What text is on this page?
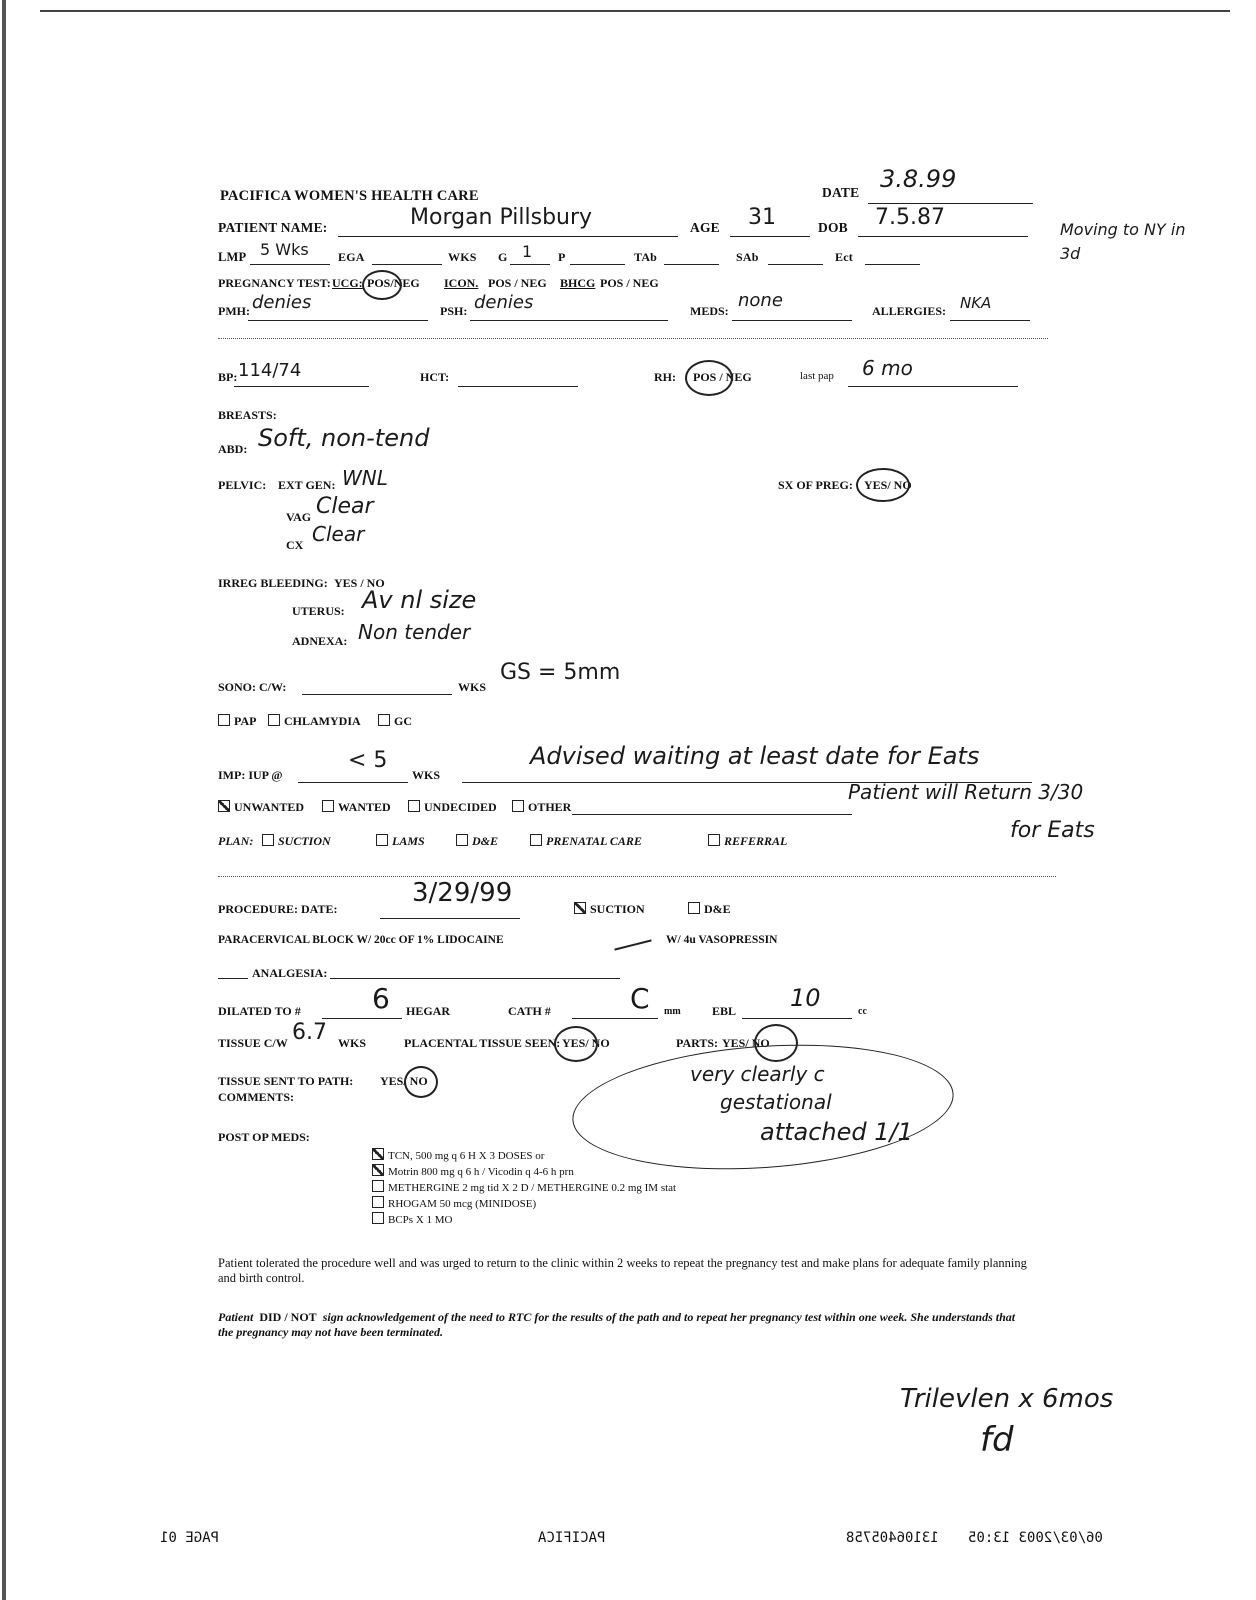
PACIFICA WOMEN'S HEALTH CARE	DATE 3.8.99
PATIENT NAME:	Morgan Pillsbury	AGE 31	DOB 7.5.87	Moving to NY in 3d
LMP 5 Wks EGA	WKS G 1 P	TAb	SAb	Ect
PREGNANCY TEST: UCG: POS/NEG ICON. POS / NEG BHCG POS / NEG
PMH: denies	PSH: denies	MEDS: none	ALLERGIES: NKA
BP: 114/74	HCT:	RH: POS / NEG	last pap 6 mo
BREASTS:
ABD: Soft, non-tend
PELVIC: EXT GEN: WNL	SX OF PREG: YES/ NO
VAG Clear
CX Clear
IRREG BLEEDING: YES / NO
UTERUS: Av nl size
ADNEXA: Non tender
SONO: C/W:	WKS
GS = 5mm
PAP	CHLAMYDIA	GC
IMP: IUP @
< 5
WKS
Advised waiting at least date for Eats
UNWANTED	WANTED	UNDECIDED	OTHER
Patient will Return 3/30
PLAN:	SUCTION	LAMS	D&E	PRENATAL CARE	REFERRAL	for Eats
PROCEDURE: DATE:
3/29/99
SUCTION	D&E
PARACERVICAL BLOCK W/ 20cc OF 1% LIDOCAINE	W/ 4u VASOPRESSIN
ANALGESIA:
DILATED TO #	6 HEGAR	CATH #	C mm	EBL 10	cc
TISSUE C/W 6.7 WKS	PLACENTAL TISSUE SEEN: YES/ NO	PARTS: YES/ NO
TISSUE SENT TO PATH: YES/ NO
COMMENTS:
very clearly c
gestational
attached 1/1
POST OP MEDS:
TCN, 500 mg q 6 H X 3 DOSES or
Motrin 800 mg q 6 h / Vicodin q 4-6 h prn
METHERGINE 2 mg tid X 2 D / METHERGINE 0.2 mg IM stat
RHOGAM 50 mcg (MINIDOSE)
BCPs X 1 MO
Patient tolerated the procedure well and was urged to return to the clinic within 2 weeks to repeat the pregnancy test and make plans for adequate family planning and birth control.
Patient DID / NOT sign acknowledgement of the need to RTC for the results of the path and to repeat her pregnancy test within one week. She understands that the pregnancy may not have been terminated.
Trilevlen x 6mos
fd
13106405758 06/03/2003 13:05
PACIFICA
PAGE 01
